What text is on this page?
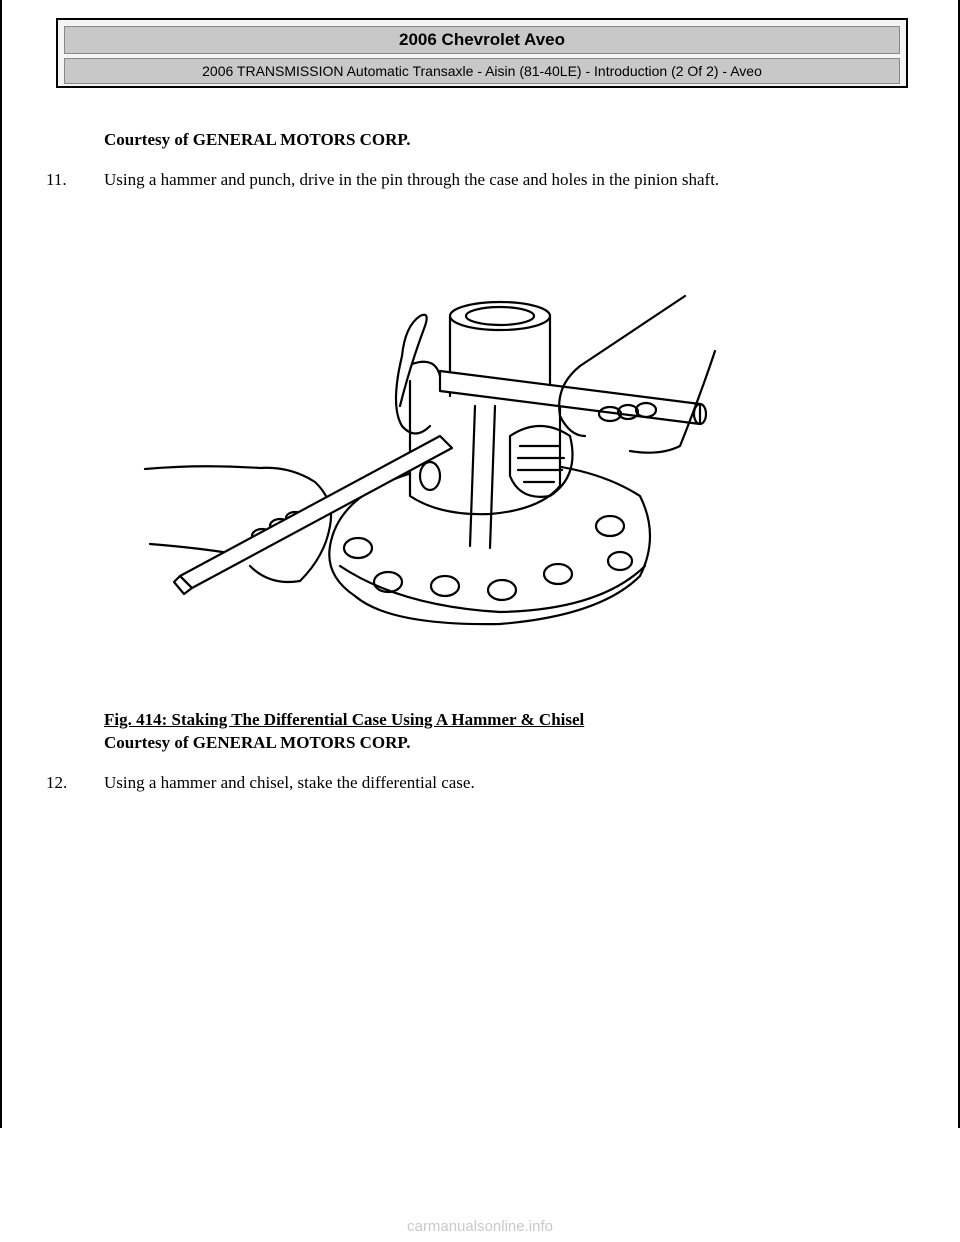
2006 Chevrolet Aveo
2006 TRANSMISSION Automatic Transaxle - Aisin (81-40LE) - Introduction (2 Of 2) - Aveo
Courtesy of GENERAL MOTORS CORP.
11. Using a hammer and punch, drive in the pin through the case and holes in the pinion shaft.
Fig. 414: Staking The Differential Case Using A Hammer & Chisel
Courtesy of GENERAL MOTORS CORP.
12. Using a hammer and chisel, stake the differential case.
carmanualsonline.info
